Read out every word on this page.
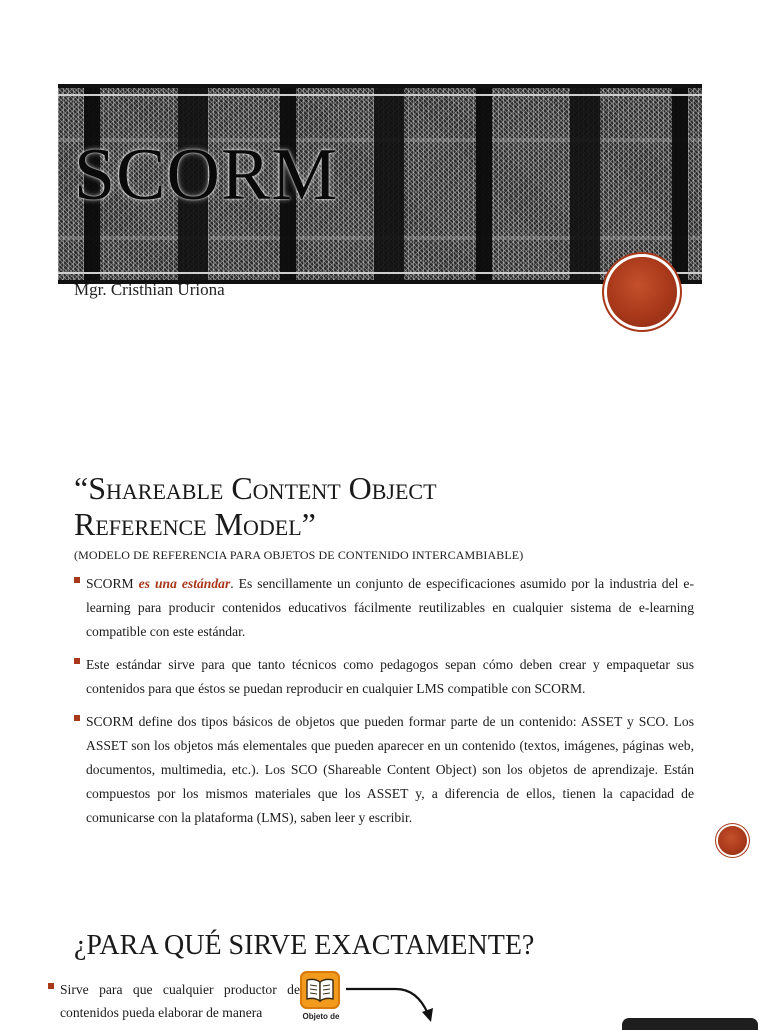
SCORM
Mgr. Cristhian Uriona
“Shareable Content Object
Reference Model”
(MODELO DE REFERENCIA PARA OBJETOS DE CONTENIDO INTERCAMBIABLE)
SCORM es una estándar. Es sencillamente un conjunto de especificaciones asumido por la industria del e-learning para producir contenidos educativos fácilmente reutilizables en cualquier sistema de e-learning compatible con este estándar.
Este estándar sirve para que tanto técnicos como pedagogos sepan cómo deben crear y empaquetar sus contenidos para que éstos se puedan reproducir en cualquier LMS compatible con SCORM.
SCORM define dos tipos básicos de objetos que pueden formar parte de un contenido: ASSET y SCO. Los ASSET son los objetos más elementales que pueden aparecer en un contenido (textos, imágenes, páginas web, documentos, multimedia, etc.). Los SCO (Shareable Content Object) son los objetos de aprendizaje. Están compuestos por los mismos materiales que los ASSET y, a diferencia de ellos, tienen la capacidad de comunicarse con la plataforma (LMS), saben leer y escribir.
¿PARA QUÉ SIRVE EXACTAMENTE?
Sirve para que cualquier productor de contenidos pueda elaborar de manera	Objeto de
